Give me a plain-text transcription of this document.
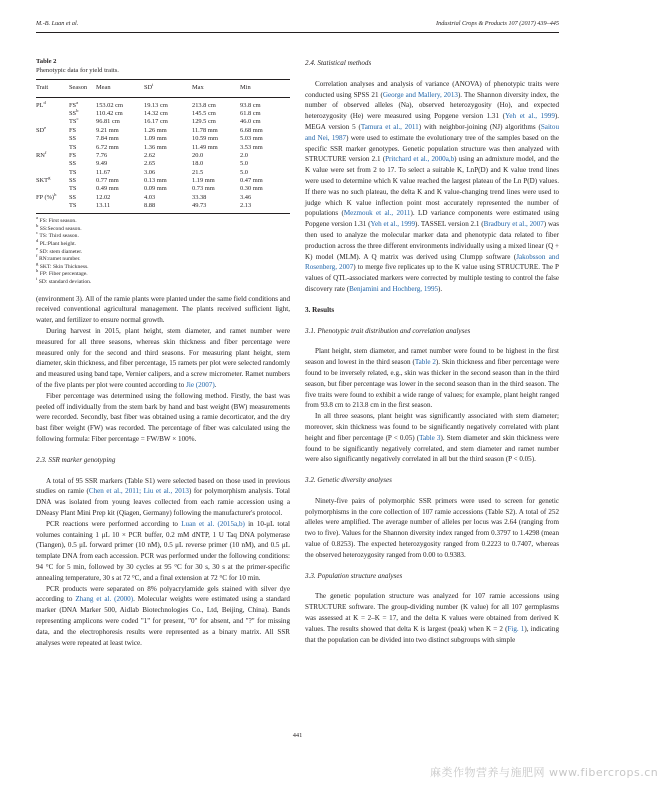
M.-B. Luan et al.	Industrial Crops & Products 107 (2017) 439–445
Table 2
Phenotypic data for yield traits.
Trait	Season	Mean	$SD^i$	Max	Min
$PL^d$	$FS^a$	153.02 cm	19.13 cm	213.8 cm	93.8 cm
	$SS^b$	110.42 cm	14.32 cm	145.5 cm	61.8 cm
	$TS^c$	96.81 cm	16.17 cm	129.5 cm	46.0 cm
$SD^e$	FS	9.21 mm	1.26 mm	11.78 mm	6.68 mm
	SS	7.84 mm	1.09 mm	10.59 mm	5.03 mm
	TS	6.72 mm	1.36 mm	11.49 mm	3.53 mm
$RN^f$	FS	7.76	2.62	20.0	2.0
	SS	9.49	2.65	18.0	5.0
	TS	11.67	3.06	21.5	5.0
SKT$^g$	SS	0.77 mm	0.13 mm	1.19 mm	0.47 mm
	TS	0.49 mm	0.09 mm	0.73 mm	0.30 mm
FP (%)$^h$	SS	12.02	4.03	33.38	3.46
	TS	13.11	8.88	49.73	2.13
$^a$ FS: First season.
$^b$ SS:Second season.
$^c$ TS: Third season.
$^d$ PL:Plant height.
$^e$ SD: stem diameter.
$^f$ RN:ramet number.
$^g$ SKT: Skin Thickness.
$^h$ FP: Fiber percentage.
$^i$ SD: standard deviation.

(environment 3). All of the ramie plants were planted under the same field conditions and received conventional agricultural management. The plants received sufficient light, water, and fertilizer to ensure normal growth.

During harvest in 2015, plant height, stem diameter, and ramet number were measured for all three seasons, whereas skin thickness and fiber percentage were measured only for the second and third seasons. For measuring plant height, stem diameter, skin thickness, and fiber percentage, 15 ramets per plot were selected randomly and measured using band tape, Vernier calipers, and a screw micrometer. Ramet numbers of the five plants per plot were counted according to Jie (2007).

Fiber percentage was determined using the following method. Firstly, the bast was peeled off individually from the stem bark by hand and bast weight (BW) measurements were recorded. Secondly, bast fiber was obtained using a ramie decorticator, and the dry bast fiber weight (FW) was recorded. The percentage of fiber was calculated using the following formula: Fiber percentage = FW/BW × 100%.

2.3. SSR marker genotyping

A total of 95 SSR markers (Table S1) were selected based on those used in previous studies on ramie (Chen et al., 2011; Liu et al., 2013) for polymorphism analysis. Total DNA was isolated from young leaves collected from each ramie accession using a DNeasy Plant Mini Prep kit (Qiagen, Germany) following the manufacturer's protocol.

PCR reactions were performed according to Luan et al. (2015a,b) in 10-μL total volumes containing 1 μL 10 × PCR buffer, 0.2 mM dNTP, 1 U Taq DNA polymerase (Tiangen), 0.5 μL forward primer (10 nM), 0.5 μL reverse primer (10 nM), and 0.5 μL template DNA from each accession. PCR was performed under the following conditions: 94 °C for 5 min, followed by 30 cycles at 95 °C for 30 s, 30 s at the primer-specific annealing temperature, 30 s at 72 °C, and a final extension at 72 °C for 10 min.

PCR products were separated on 8% polyacrylamide gels stained with silver dye according to Zhang et al. (2000). Molecular weights were estimated using a standard marker (DNA Marker 500, Aidlab Biotechnologies Co., Ltd, Beijing, China). Bands representing amplicons were coded "1" for present, "0" for absent, and "?" for missing data, and the electrophoresis results were represented as a binary matrix. All SSR analyses were repeated at least twice.

2.4. Statistical methods

Correlation analyses and analysis of variance (ANOVA) of phenotypic traits were conducted using SPSS 21 (George and Mallery, 2013). The Shannon diversity index, the number of observed alleles (Na), observed heterozygosity (Ho), and expected heterozygosity (He) were measured using Popgene version 1.31 (Yeh et al., 1999). MEGA version 5 (Tamura et al., 2011) with neighbor-joining (NJ) algorithms (Saitou and Nei, 1987) were used to estimate the evolutionary tree of the samples based on the specific SSR marker genotypes. Genetic population structure was then analyzed with STRUCTURE version 2.1 (Pritchard et al., 2000a,b) using an admixture model, and the K value were set from 2 to 17. To select a suitable K, LnP(D) and K value trend lines were used to determine which K value reached the largest plateau of the Ln P(D) values. If there was no such plateau, the delta K and K value-changing trend lines were used to judge which K value inflection point most accurately represented the number of populations (Mezmouk et al., 2011). LD variance components were estimated using Popgene version 1.31 (Yeh et al., 1999). TASSEL version 2.1 (Bradbury et al., 2007) was then used to analyze the molecular marker data and phenotypic data related to fiber production across the three different environments individually using a mixed linear (Q + K) model (MLM). A Q matrix was derived using Clumpp software (Jakobsson and Rosenberg, 2007) to merge five replicates up to the K value using STRUCTURE. The P values of QTL-associated markers were corrected by multiple testing to control the false discovery rate (Benjamini and Hochberg, 1995).

3. Results
3.1. Phenotypic trait distribution and correlation analyses

Plant height, stem diameter, and ramet number were found to be highest in the first season and lowest in the third season (Table 2). Skin thickness and fiber percentage were found to be inversely related, e.g., skin was thicker in the second season than in the third season, but fiber percentage was lower in the second season than in the third season. The five traits were found to exhibit a wide range of values; for example, plant height ranged from 93.8 cm to 213.8 cm in the first season.

In all three seasons, plant height was significantly associated with stem diameter; moreover, skin thickness was found to be significantly negatively correlated with plant height and fiber percentage (P < 0.05) (Table 3). Stem diameter and skin thickness were found to be significantly negatively correlated, and stem diameter and ramet number were also significantly negatively correlated in all but the third season (P < 0.05).

3.2. Genetic diversity analyses

Ninety-five pairs of polymorphic SSR primers were used to screen for genetic polymorphisms in the core collection of 107 ramie accessions (Table S2). A total of 252 alleles were amplified. The average number of alleles per locus was 2.64 (ranging from two to five). Values for the Shannon diversity index ranged from 0.3797 to 1.4298 (mean value of 0.8253). The expected heterozygosity ranged from 0.2223 to 0.7407, whereas the observed heterozygosity ranged from 0.00 to 0.9383.

3.3. Population structure analyses

The genetic population structure was analyzed for 107 ramie accessions using STRUCTURE software. The group-dividing number (K value) for all 107 germplasms was assessed at K = 2–K = 17, and the delta K values were obtained from derived K values. The results showed that delta K is largest (peak) when K = 2 (Fig. 1), indicating that the population can be divided into two distinct subgroups with simple

441
麻类作物营养与施肥网 www.fibercrops.cn
